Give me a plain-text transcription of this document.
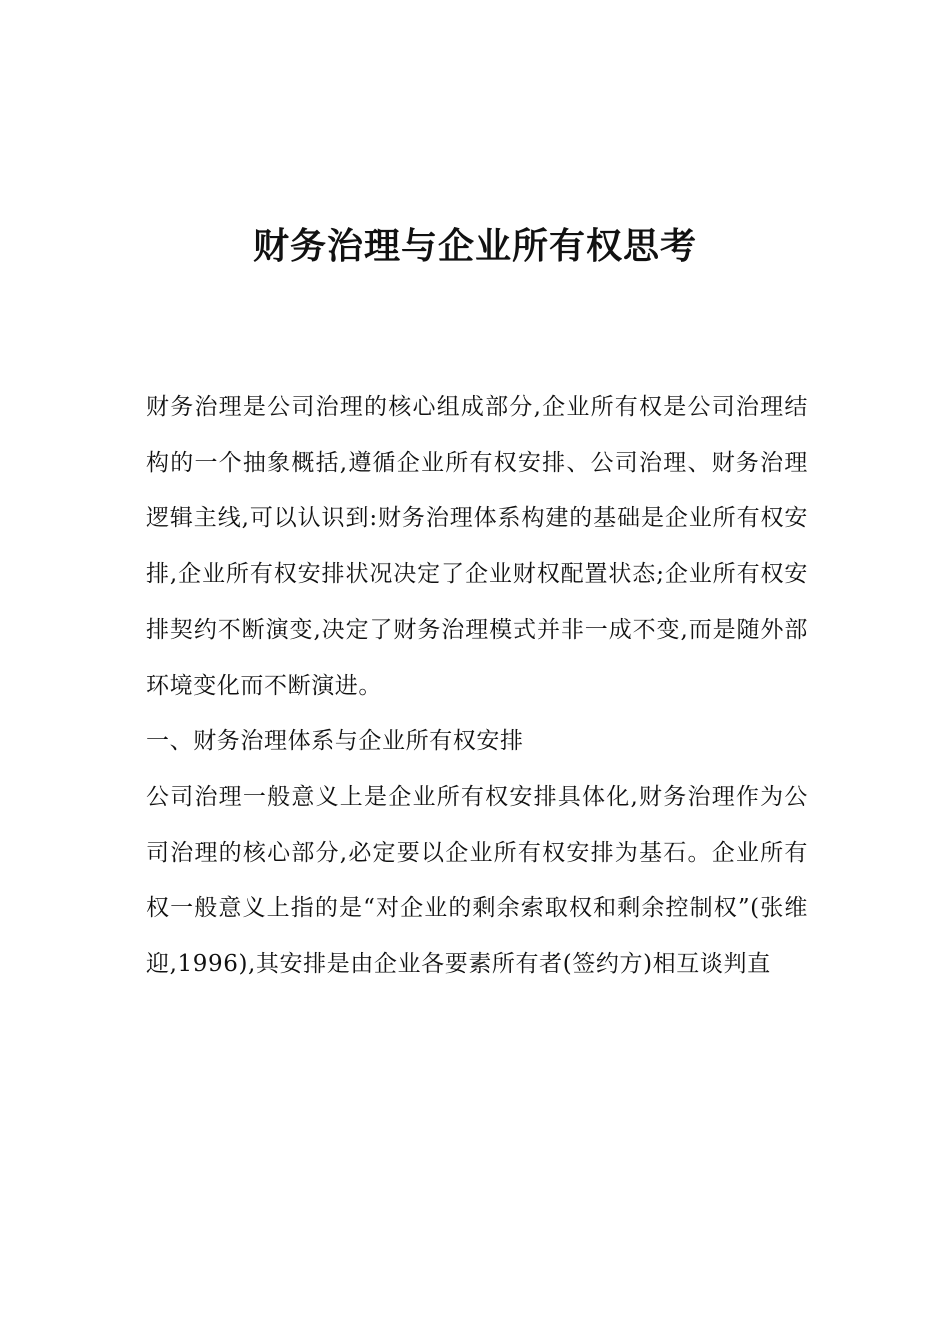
财务治理与企业所有权思考

财务治理是公司治理的核心组成部分,企业所有权是公司治理结构的一个抽象概括,遵循企业所有权安排、公司治理、财务治理逻辑主线,可以认识到:财务治理体系构建的基础是企业所有权安排,企业所有权安排状况决定了企业财权配置状态;企业所有权安排契约不断演变,决定了财务治理模式并非一成不变,而是随外部环境变化而不断演进。

一、财务治理体系与企业所有权安排

公司治理一般意义上是企业所有权安排具体化,财务治理作为公司治理的核心部分,必定要以企业所有权安排为基石。企业所有权一般意义上指的是“对企业的剩余索取权和剩余控制权”(张维迎,1996),其安排是由企业各要素所有者(签约方)相互谈判直
